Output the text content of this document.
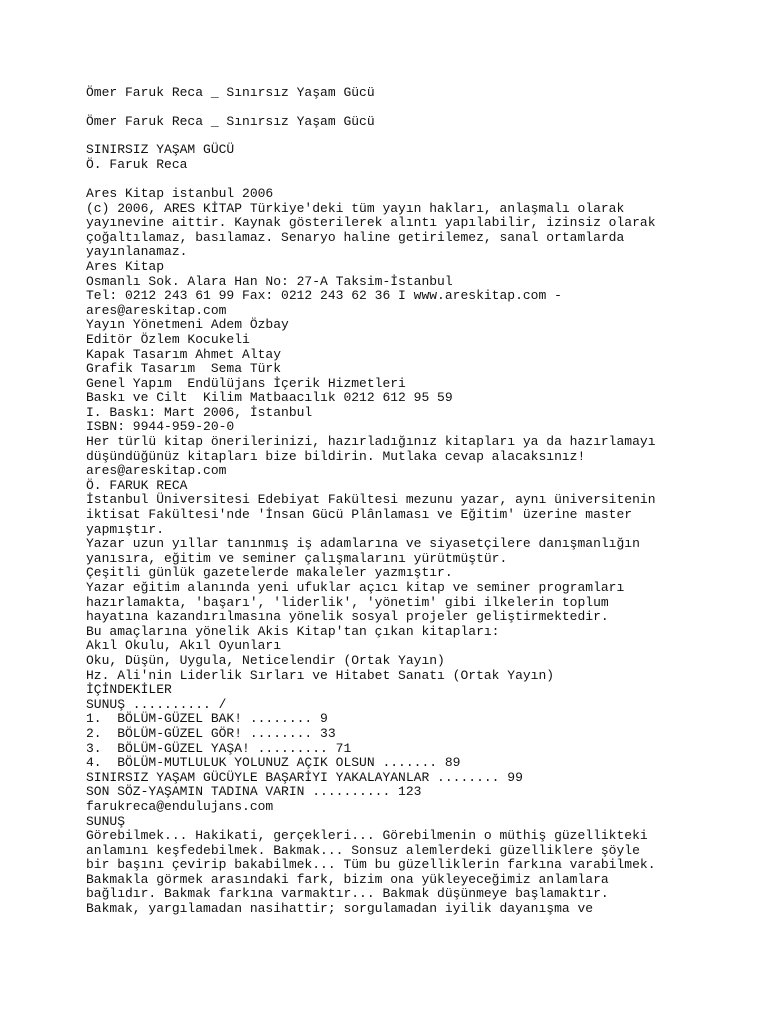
Ömer Faruk Reca _ Sınırsız Yaşam Gücü

Ömer Faruk Reca _ Sınırsız Yaşam Gücü

SINIRSIZ YAŞAM GÜCÜ

Ö. Faruk Reca

Ares Kitap istanbul 2006

(c) 2006, ARES KİTAP Türkiye'deki tüm yayın hakları, anlaşmalı olarak

yayınevine aittir. Kaynak gösterilerek alıntı yapılabilir, izinsiz olarak

çoğaltılamaz, basılamaz. Senaryo haline getirilemez, sanal ortamlarda

yayınlanamaz.

Ares Kitap

Osmanlı Sok. Alara Han No: 27-A Taksim-İstanbul

Tel: 0212 243 61 99 Fax: 0212 243 62 36 I www.areskitap.com -

ares@areskitap.com

Yayın Yönetmeni Adem Özbay

Editör Özlem Kocukeli

Kapak Tasarım Ahmet Altay

Grafik Tasarım  Sema Türk

Genel Yapım  Endülüjans İçerik Hizmetleri

Baskı ve Cilt  Kilim Matbaacılık 0212 612 95 59

I. Baskı: Mart 2006, İstanbul

ISBN: 9944-959-20-0

Her türlü kitap önerilerinizi, hazırladığınız kitapları ya da hazırlamayı

düşündüğünüz kitapları bize bildirin. Mutlaka cevap alacaksınız!

ares@areskitap.com

Ö. FARUK RECA

İstanbul Üniversitesi Edebiyat Fakültesi mezunu yazar, aynı üniversitenin

iktisat Fakültesi'nde 'İnsan Gücü Plânlaması ve Eğitim' üzerine master

yapmıştır.

Yazar uzun yıllar tanınmış iş adamlarına ve siyasetçilere danışmanlığın

yanısıra, eğitim ve seminer çalışmalarını yürütmüştür.

Çeşitli günlük gazetelerde makaleler yazmıştır.

Yazar eğitim alanında yeni ufuklar açıcı kitap ve seminer programları

hazırlamakta, 'başarı', 'liderlik', 'yönetim' gibi ilkelerin toplum

hayatına kazandırılmasına yönelik sosyal projeler geliştirmektedir.

Bu amaçlarına yönelik Akis Kitap'tan çıkan kitapları:

Akıl Okulu, Akıl Oyunları

Oku, Düşün, Uygula, Neticelendir (Ortak Yayın)

Hz. Ali'nin Liderlik Sırları ve Hitabet Sanatı (Ortak Yayın)

İÇİNDEKİLER

SUNUŞ .......... /

1.  BÖLÜM-GÜZEL BAK! ........ 9

2.  BÖLÜM-GÜZEL GÖR! ........ 33

3.  BÖLÜM-GÜZEL YAŞA! ......... 71

4.  BÖLÜM-MUTLULUK YOLUNUZ AÇIK OLSUN ....... 89

SINIRSIZ YAŞAM GÜCÜYLE BAŞARİYI YAKALAYANLAR ........ 99

SON SÖZ-YAŞAMIN TADINA VARIN .......... 123

farukreca@endulujans.com

SUNUŞ

Görebilmek... Hakikati, gerçekleri... Görebilmenin o müthiş güzellikteki

anlamını keşfedebilmek. Bakmak... Sonsuz alemlerdeki güzelliklere şöyle

bir başını çevirip bakabilmek... Tüm bu güzelliklerin farkına varabilmek.

Bakmakla görmek arasındaki fark, bizim ona yükleyeceğimiz anlamlara

bağlıdır. Bakmak farkına varmaktır... Bakmak düşünmeye başlamaktır.

Bakmak, yargılamadan nasihattir; sorgulamadan iyilik dayanışma ve
